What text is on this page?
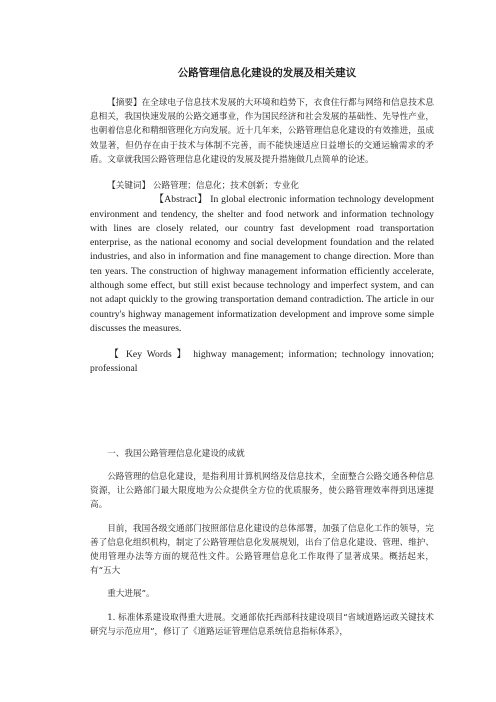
公路管理信息化建设的发展及相关建议

【摘要】在全球电子信息技术发展的大环境和趋势下，衣食住行都与网络和信息技术息息相关，我国快速发展的公路交通事业，作为国民经济和社会发展的基础性、先导性产业，也朝着信息化和精细管理化方向发展。近十几年来，公路管理信息化建设的有效推进，虽成效显著，但仍存在由于技术与体制不完善，而不能快速适应日益增长的交通运输需求的矛盾。文章就我国公路管理信息化建设的发展及提升措施做几点简单的论述。

【关键词】 公路管理；信息化；技术创新；专业化

【Abstract】 In global electronic information technology development environment and tendency, the shelter and food network and information technology with lines are closely related, our country fast development road transportation enterprise, as the national economy and social development foundation and the related industries, and also in information and fine management to change direction. More than ten years. The construction of highway management information efficiently accelerate, although some effect, but still exist because technology and imperfect system, and can not adapt quickly to the growing transportation demand contradiction. The article in our country's highway management informatization development and improve some simple discusses the measures.

【 Key Words 】 highway management; information; technology innovation; professional

一、我国公路管理信息化建设的成就

公路管理的信息化建设，是指利用计算机网络及信息技术，全面整合公路交通各种信息资源，让公路部门最大限度地为公众提供全方位的优质服务，使公路管理效率得到迅速提高。

目前，我国各级交通部门按照部信息化建设的总体部署，加强了信息化工作的领导，完善了信息化组织机构，制定了公路管理信息化发展规划，出台了信息化建设、管理、维护、使用管理办法等方面的规范性文件。公路管理信息化工作取得了显著成果。概括起来，有“五大

重大进展”。

1. 标准体系建设取得重大进展。交通部依托西部科技建设项目“省域道路运政关键技术研究与示范应用”，修订了《道路运证管理信息系统信息指标体系》，
